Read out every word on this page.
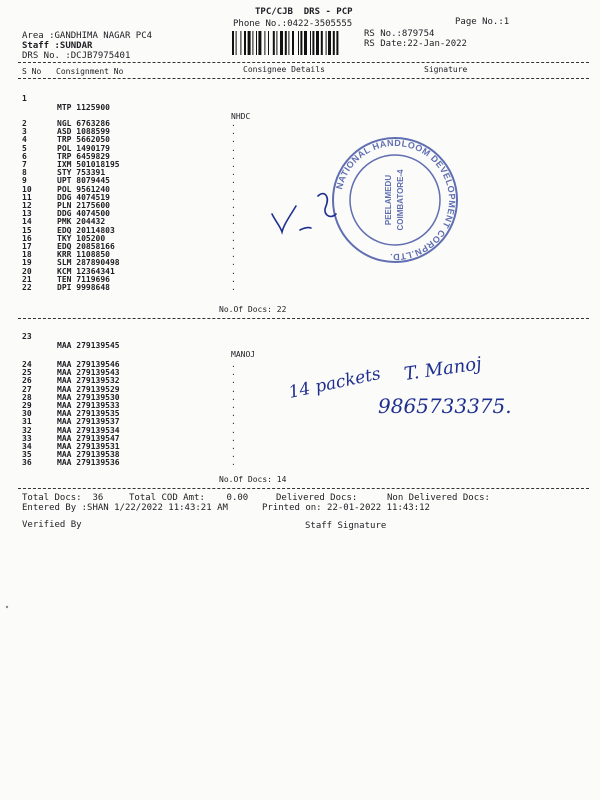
TPC/CJB  DRS - PCP
Phone No.:0422-3505555	Page No.:1
Area :GANDHIMA NAGAR PC4
Staff :SUNDAR
DRS No. :DCJB7975401
RS No.:879754
RS Date:22-Jan-2022
S No Consignment No	Consignee Details	Signature

1

MTP 1125900

NHDC

2	NGL 6763286	.
3	ASD 1088599	.
4	TRP 5662050	.
5	POL 1490179	.
6	TRP 6459829	.
7	IXM 501018195	.
8	STY 753391	.
9	UPT 8079445	.
10	POL 9561240	.
11	DDG 4074519	.
12	PLN 2175600	.
13	DDG 4074500	.
14	PMK 204432	.
15	EDQ 20114803	.
16	TKY 105200	.
17	EDQ 20858166	.
18	KRR 1108850	.
19	SLM 287890498	.
20	KCM 12364341	.
21	TEN 7119696	.
22	DPI 9998648	.
No.Of Docs: 22

23

MAA 279139545

MANOJ

24	MAA 279139546	.
25	MAA 279139543	.
26	MAA 279139532	.
27	MAA 279139529	.
28	MAA 279139530	.
29	MAA 279139533	.
30	MAA 279139535	.
31	MAA 279139537	.
32	MAA 279139534	.
33	MAA 279139547	.
34	MAA 279139531	.
35	MAA 279139538	.
36	MAA 279139536	.
No.Of Docs: 14
Total Docs:  36	Total COD Amt:    0.00	Delivered Docs:	Non Delivered Docs:
Entered By :SHAN 1/22/2022 11:43:21 AM	Printed on: 22-01-2022 11:43:12
Verified By	Staff Signature
NATIONAL HANDLOOM DEVELOPMENT CORPN.LTD.
PEELAMEDU COIMBATORE-4
14 packets T. Manoj
9865733375.
